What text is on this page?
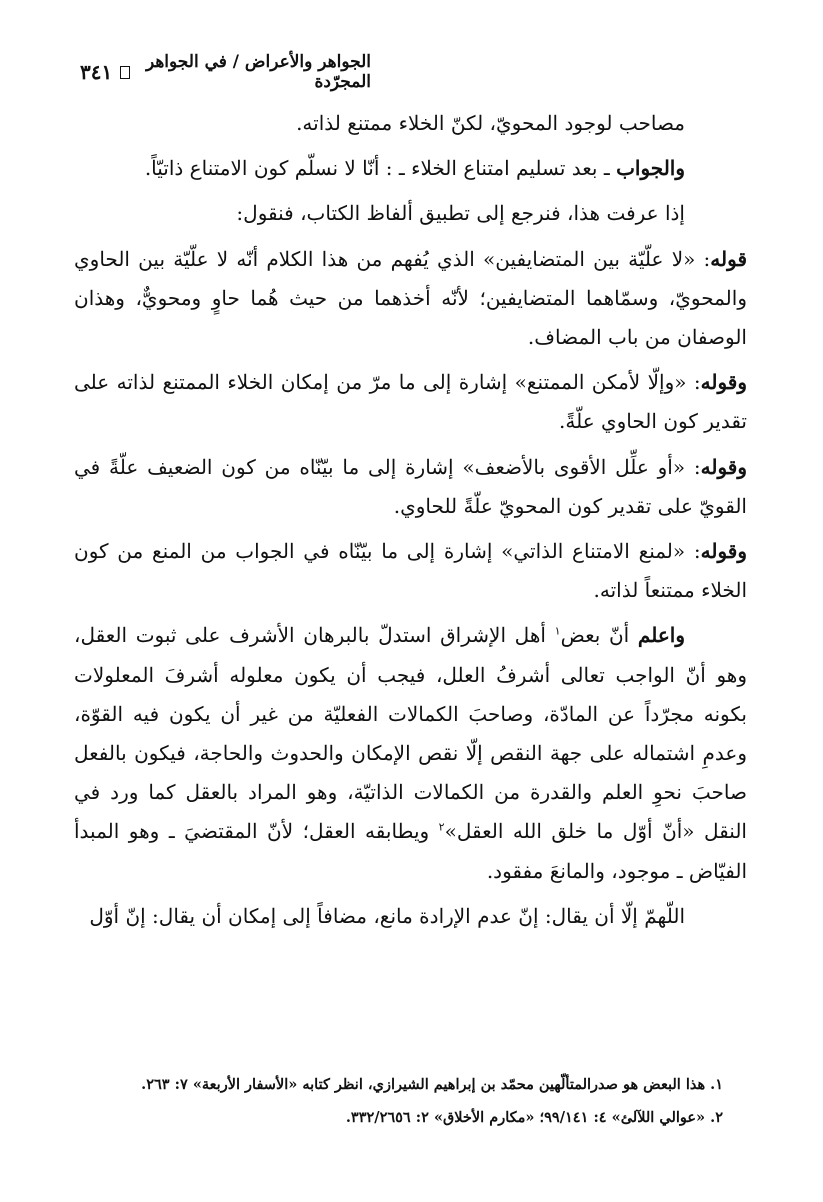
الجواهر والأعراض / في الجواهر المجرّدة
٣٤١

مصاحب لوجود المحويّ، لكنّ الخلاء ممتنع لذاته.

والجواب ـ بعد تسليم امتناع الخلاء ـ : أنّا لا نسلّم كون الامتناع ذاتيّاً.

إذا عرفت هذا، فنرجع إلى تطبيق ألفاظ الكتاب، فنقول:

قوله: «لا علّيّة بين المتضايفين» الذي يُفهم من هذا الكلام أنّه لا علّيّة بين الحاوي والمحويّ، وسمّاهما المتضايفين؛ لأنّه أخذهما من حيث هُما حاوٍ ومحويٌّ، وهذان الوصفان من باب المضاف.

وقوله: «وإلّا لأمكن الممتنع» إشارة إلى ما مرّ من إمكان الخلاء الممتنع لذاته على تقدير كون الحاوي علّةً.

وقوله: «أو علِّل الأقوى بالأضعف» إشارة إلى ما بيّنّاه من كون الضعيف علّةً في القويّ على تقدير كون المحويّ علّةً للحاوي.

وقوله: «لمنع الامتناع الذاتي» إشارة إلى ما بيّنّاه في الجواب من المنع من كون الخلاء ممتنعاً لذاته.

واعلم أنّ بعض$^١$ أهل الإشراق استدلّ بالبرهان الأشرف على ثبوت العقل، وهو أنّ الواجب تعالى أشرفُ العلل، فيجب أن يكون معلوله أشرفَ المعلولات بكونه مجرّداً عن المادّة، وصاحبَ الكمالات الفعليّة من غير أن يكون فيه القوّة، وعدمِ اشتماله على جهة النقص إلّا نقص الإمكان والحدوث والحاجة، فيكون بالفعل صاحبَ نحوِ العلم والقدرة من الكمالات الذاتيّة، وهو المراد بالعقل كما ورد في النقل «أنّ أوّل ما خلق الله العقل»$^٢$ ويطابقه العقل؛ لأنّ المقتضيَ ـ وهو المبدأ الفيّاض ـ موجود، والمانعَ مفقود.

اللّهمّ إلّا أن يقال: إنّ عدم الإرادة مانع، مضافاً إلى إمكان أن يقال: إنّ أوّل

١. هذا البعض هو صدرالمتألّهين محمّد بن إبراهيم الشيرازي، انظر كتابه «الأسفار الأربعة» ٧: ٢٦٣.

٢. «عوالي اللآلئ» ٤: ٩٩/١٤١؛ «مكارم الأخلاق» ٢: ٣٣٢/٢٦٥٦.
